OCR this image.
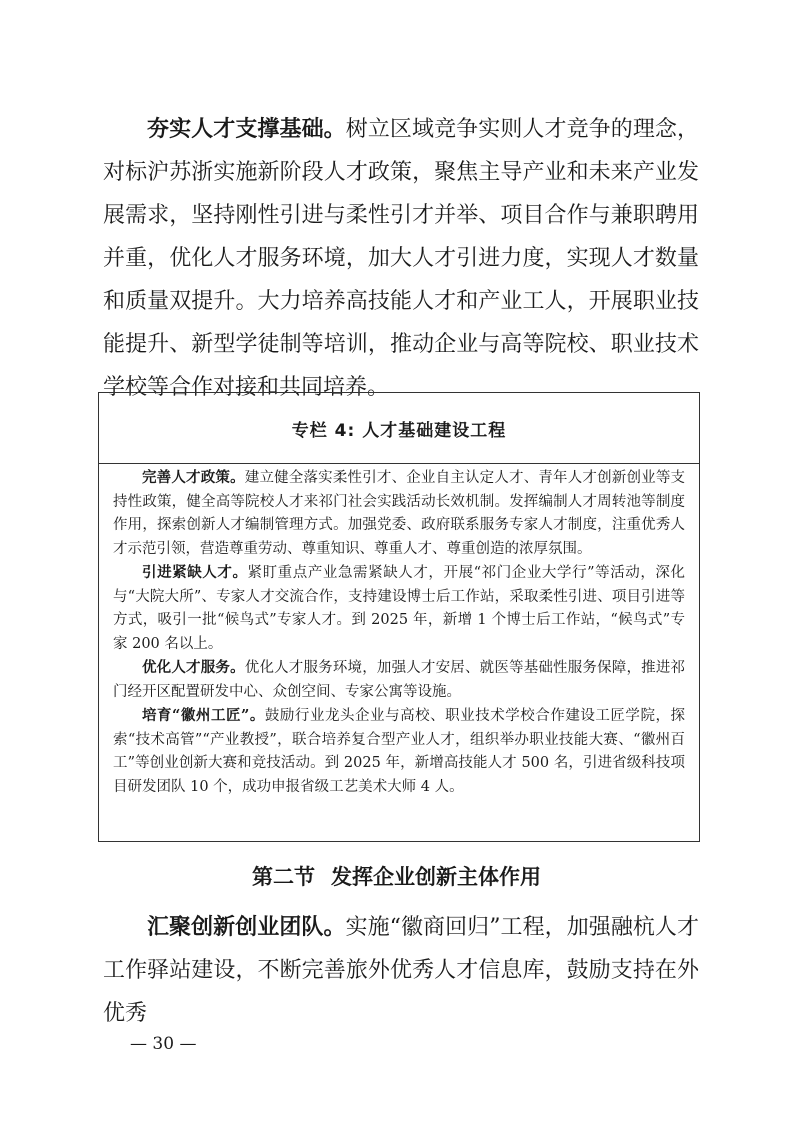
夯实人才支撑基础。树立区域竞争实则人才竞争的理念，对标沪苏浙实施新阶段人才政策，聚焦主导产业和未来产业发展需求，坚持刚性引进与柔性引才并举、项目合作与兼职聘用并重，优化人才服务环境，加大人才引进力度，实现人才数量和质量双提升。大力培养高技能人才和产业工人，开展职业技能提升、新型学徒制等培训，推动企业与高等院校、职业技术学校等合作对接和共同培养。

专栏 4: 人才基础建设工程

完善人才政策。建立健全落实柔性引才、企业自主认定人才、青年人才创新创业等支持性政策，健全高等院校人才来祁门社会实践活动长效机制。发挥编制人才周转池等制度作用，探索创新人才编制管理方式。加强党委、政府联系服务专家人才制度，注重优秀人才示范引领，营造尊重劳动、尊重知识、尊重人才、尊重创造的浓厚氛围。

引进紧缺人才。紧盯重点产业急需紧缺人才，开展“祁门企业大学行”等活动，深化与“大院大所”、专家人才交流合作，支持建设博士后工作站，采取柔性引进、项目引进等方式，吸引一批“候鸟式”专家人才。到 2025 年，新增 1 个博士后工作站，“候鸟式”专家 200 名以上。

优化人才服务。优化人才服务环境，加强人才安居、就医等基础性服务保障，推进祁门经开区配置研发中心、众创空间、专家公寓等设施。

培育“徽州工匠”。鼓励行业龙头企业与高校、职业技术学校合作建设工匠学院，探索“技术高管”“产业教授”，联合培养复合型产业人才，组织举办职业技能大赛、“徽州百工”等创业创新大赛和竞技活动。到 2025 年，新增高技能人才 500 名，引进省级科技项目研发团队 10 个，成功申报省级工艺美术大师 4 人。

第二节 发挥企业创新主体作用

汇聚创新创业团队。实施“徽商回归”工程，加强融杭人才工作驿站建设，不断完善旅外优秀人才信息库，鼓励支持在外优秀

— 30 —
